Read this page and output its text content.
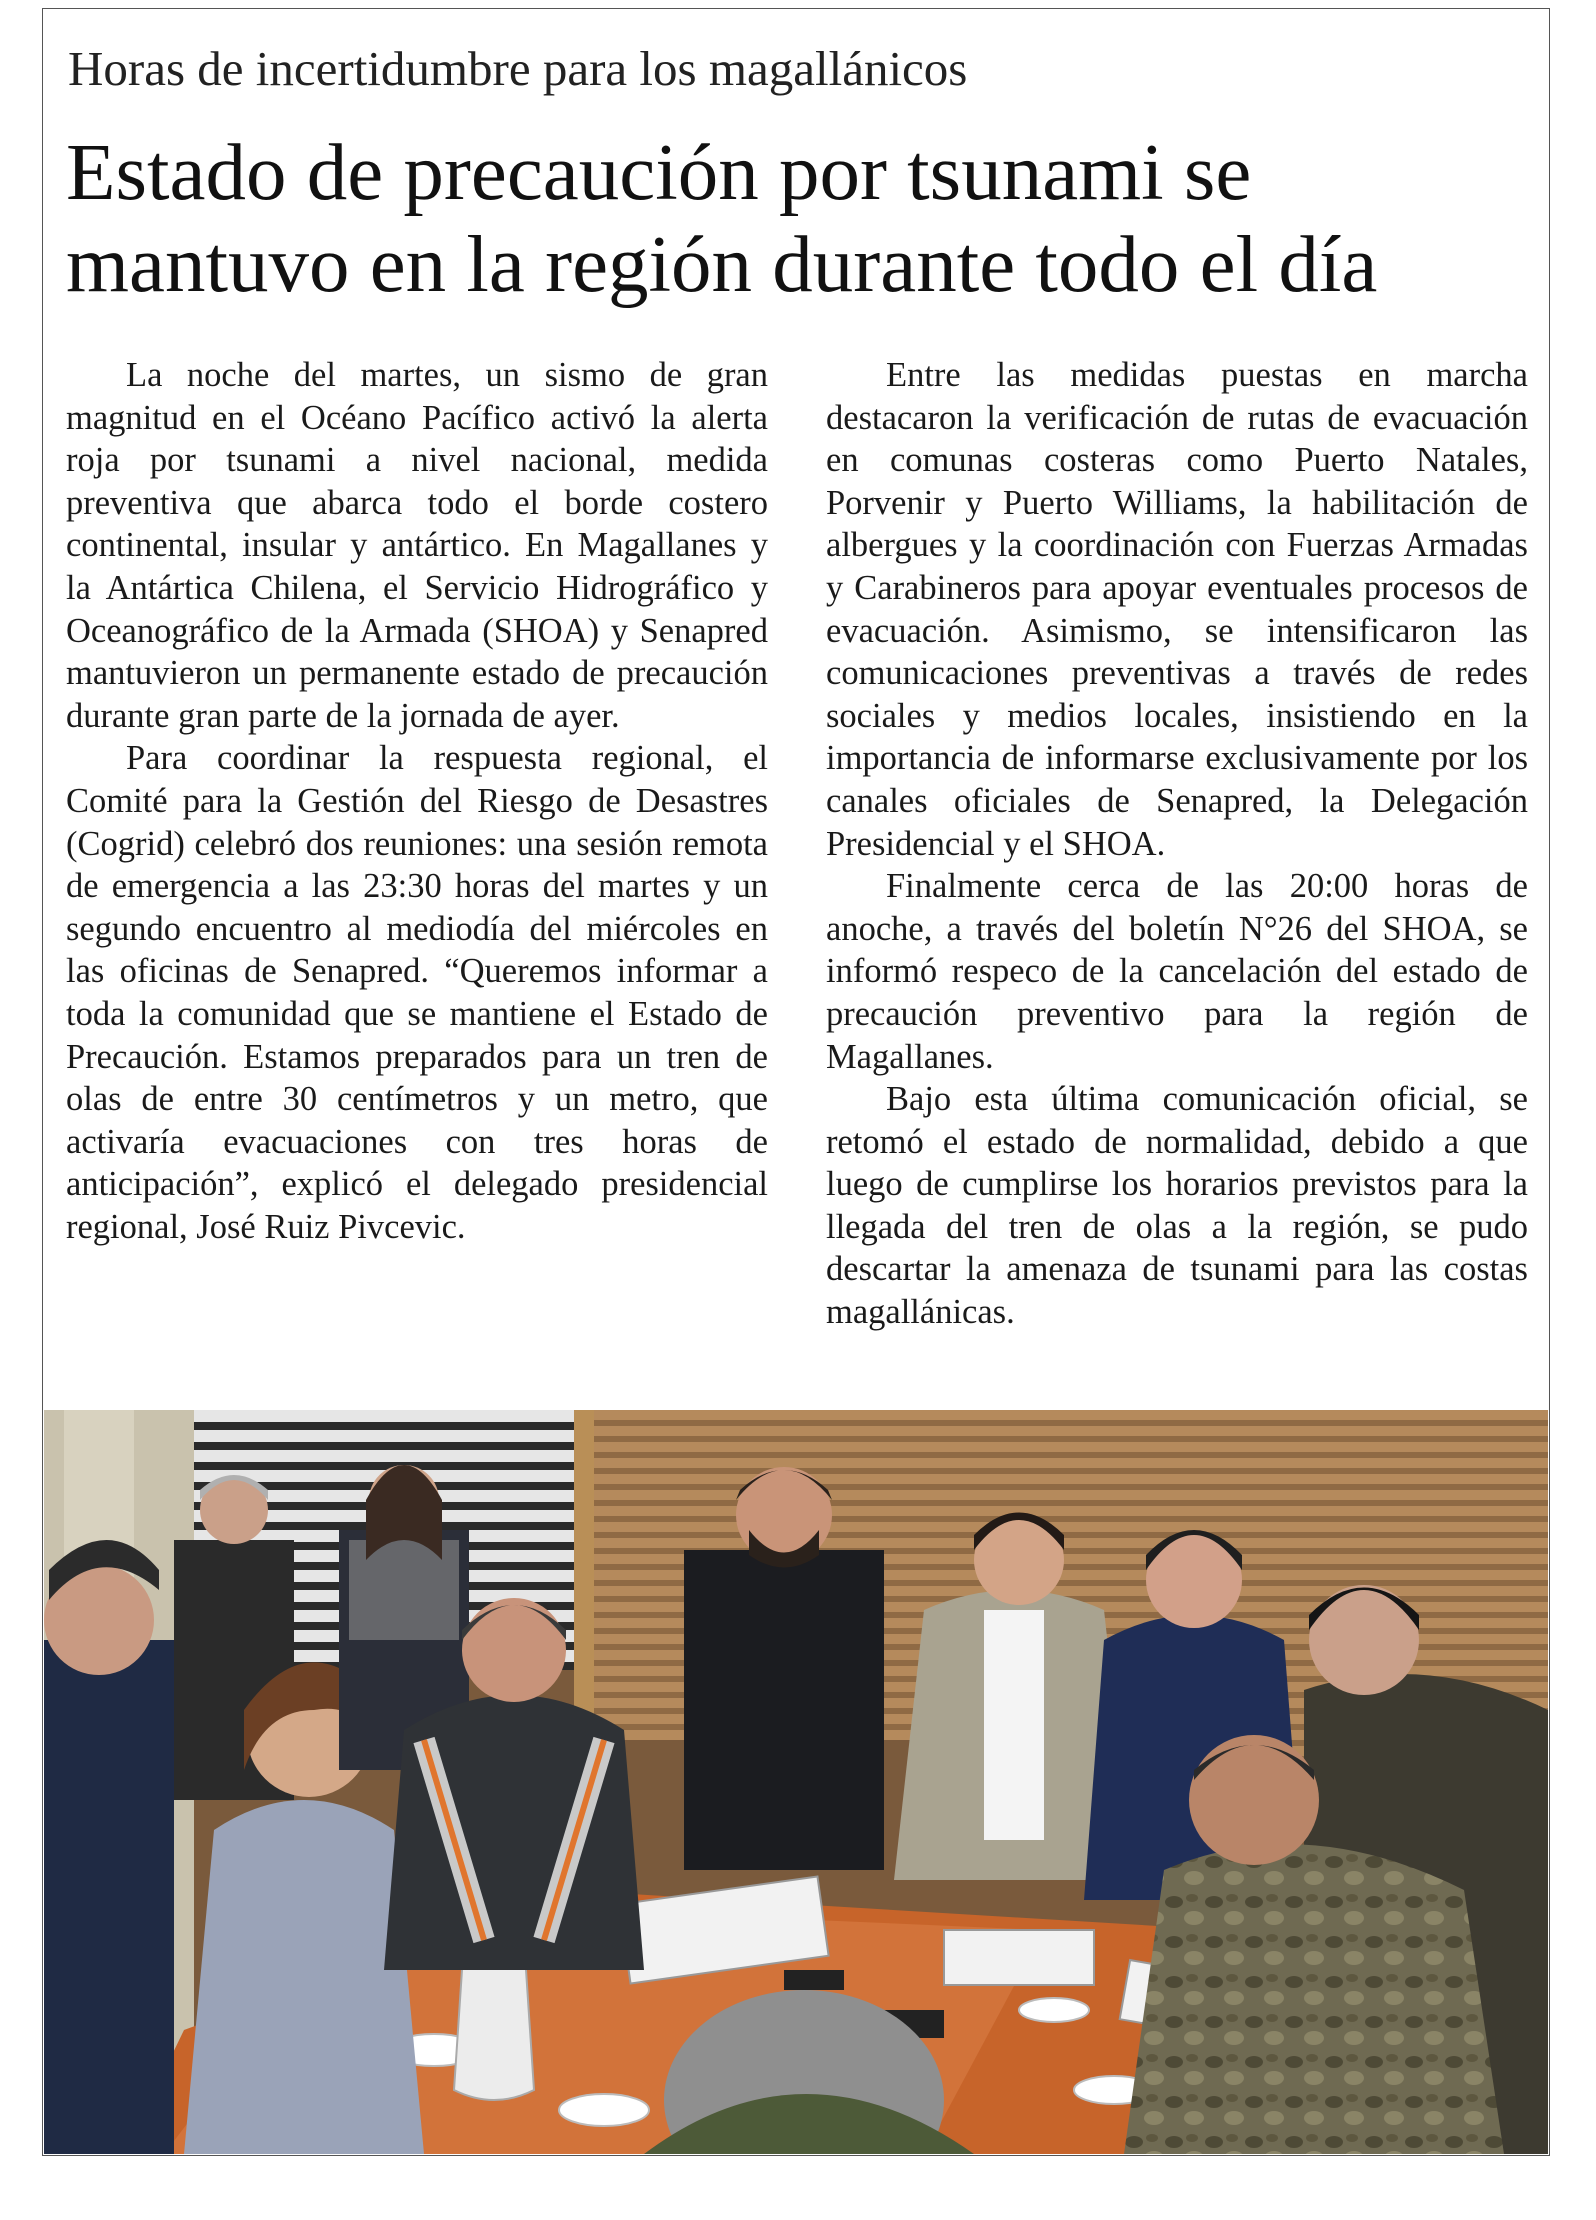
Horas de incertidumbre para los magallánicos
Estado de precaución por tsunami se
mantuvo en la región durante todo el día

La noche del martes, un sismo de gran magnitud en el Océano Pacífico activó la alerta roja por tsunami a nivel nacional, medida preventiva que abarca todo el borde costero continental, insular y antártico. En Magallanes y la Antártica Chilena, el Servicio Hidrográfico y Oceanográfico de la Armada (SHOA) y Senapred mantuvieron un permanente estado de precaución durante gran parte de la jornada de ayer.

Para coordinar la respuesta regional, el Comité para la Gestión del Riesgo de Desastres (Cogrid) celebró dos reuniones: una sesión remota de emergencia a las 23:30 horas del martes y un segundo encuentro al mediodía del miércoles en las oficinas de Senapred. “Queremos informar a toda la comunidad que se mantiene el Estado de Precaución. Estamos preparados para un tren de olas de entre 30 centímetros y un metro, que activaría evacuaciones con tres horas de anticipación”, explicó el delegado presidencial regional, José Ruiz Pivcevic.

Entre las medidas puestas en marcha destacaron la verificación de rutas de evacuación en comunas costeras como Puerto Natales, Porvenir y Puerto Williams, la habilitación de albergues y la coordinación con Fuerzas Armadas y Carabineros para apoyar eventuales procesos de evacuación. Asimismo, se intensificaron las comunicaciones preventivas a través de redes sociales y medios locales, insistiendo en la importancia de informarse exclusivamente por los canales oficiales de Senapred, la Delegación Presidencial y el SHOA.

Finalmente cerca de las 20:00 horas de anoche, a través del boletín N°26 del SHOA, se informó respeco de la cancelación del estado de precaución preventivo para la región de Magallanes.

Bajo esta última comunicación oficial, se retomó el estado de normalidad, debido a que luego de cumplirse los horarios previstos para la llegada del tren de olas a la región, se pudo descartar la amenaza de tsunami para las costas magallánicas.
